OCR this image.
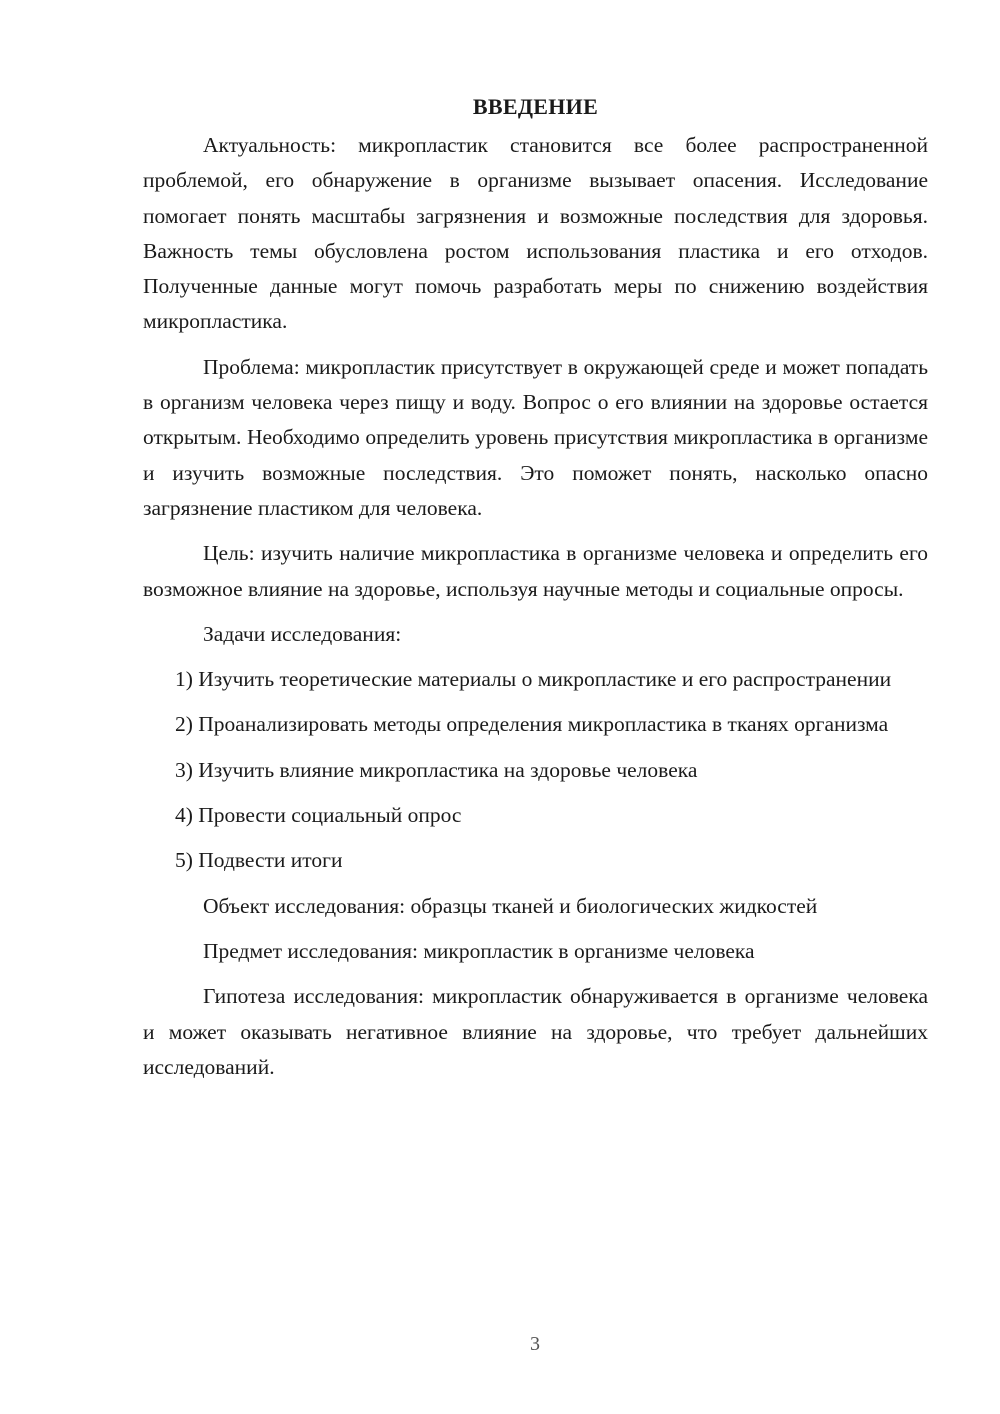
ВВЕДЕНИЕ

Актуальность: микропластик становится все более распространенной проблемой, его обнаружение в организме вызывает опасения. Исследование помогает понять масштабы загрязнения и возможные последствия для здоровья. Важность темы обусловлена ростом использования пластика и его отходов. Полученные данные могут помочь разработать меры по снижению воздействия микропластика.

Проблема: микропластик присутствует в окружающей среде и может попадать в организм человека через пищу и воду. Вопрос о его влиянии на здоровье остается открытым. Необходимо определить уровень присутствия микропластика в организме и изучить возможные последствия. Это поможет понять, насколько опасно загрязнение пластиком для человека.

Цель: изучить наличие микропластика в организме человека и определить его возможное влияние на здоровье, используя научные методы и социальные опросы.

Задачи исследования:

1) Изучить теоретические материалы о микропластике и его распространении

2) Проанализировать методы определения микропластика в тканях организма

3) Изучить влияние микропластика на здоровье человека

4) Провести социальный опрос

5) Подвести итоги

Объект исследования: образцы тканей и биологических жидкостей

Предмет исследования: микропластик в организме человека

Гипотеза исследования: микропластик обнаруживается в организме человека и может оказывать негативное влияние на здоровье, что требует дальнейших исследований.

3
